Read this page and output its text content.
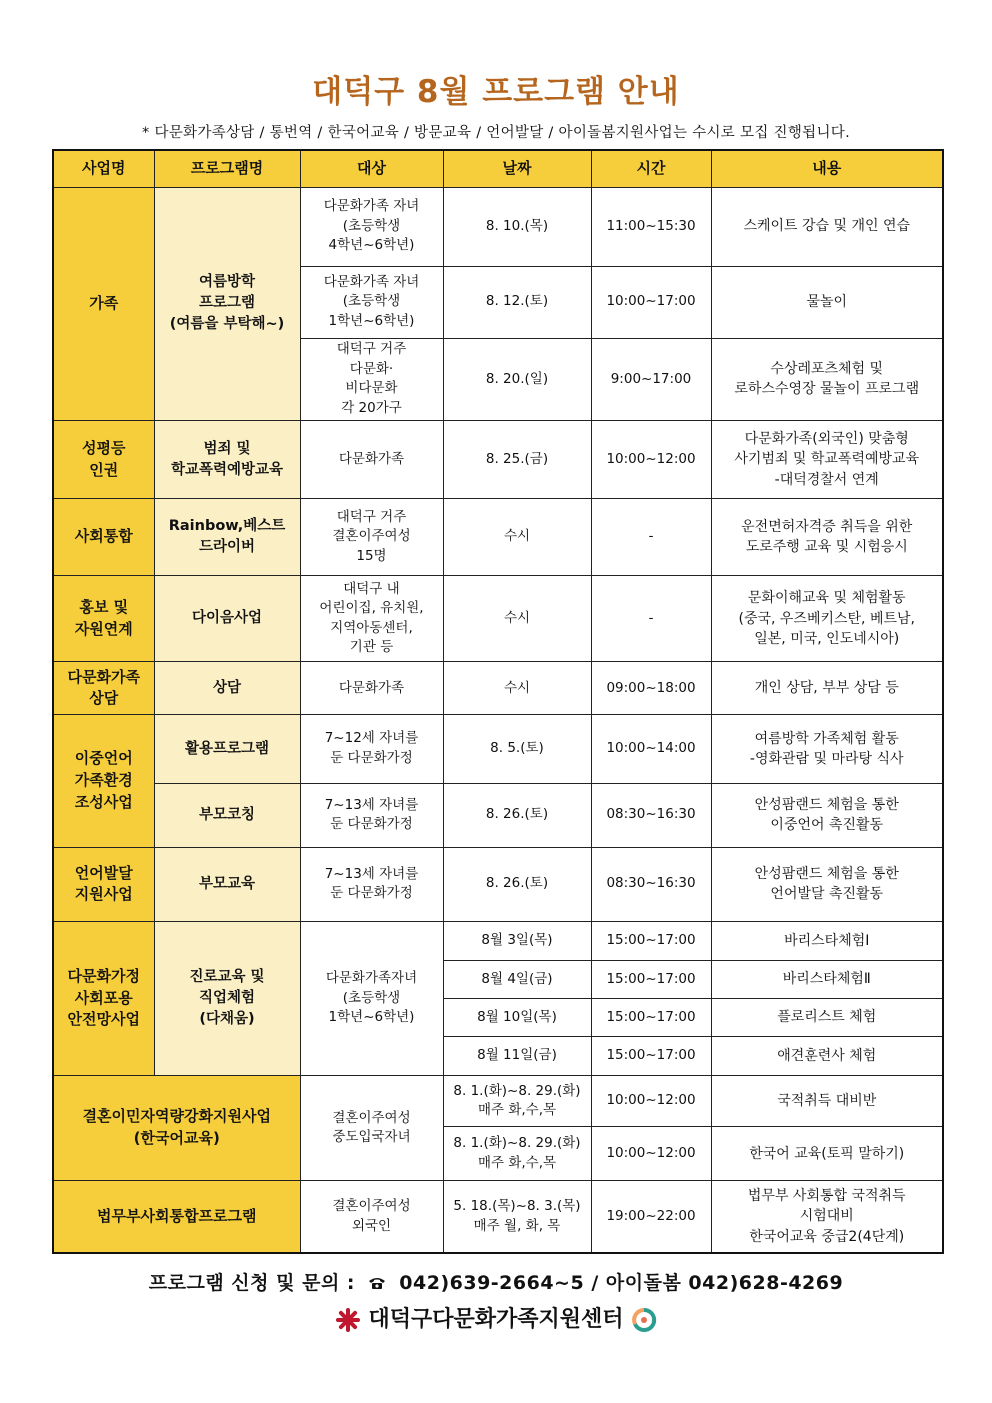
대덕구 8월 프로그램 안내
* 다문화가족상담 / 통번역 / 한국어교육 / 방문교육 / 언어발달 / 아이돌봄지원사업는 수시로 모집 진행됩니다.
사업명	프로그램명	대상	날짜	시간	내용
가족	여름방학
프로그램
(여름을 부탁해~)	다문화가족 자녀
(초등학생
4학년~6학년)	8. 10.(목)	11:00~15:30	스케이트 강습 및 개인 연습

		다문화가족 자녀
(초등학생
1학년~6학년)	8. 12.(토)	10:00~17:00	물놀이

		대덕구 거주
다문화·
비다문화
각 20가구	8. 20.(일)	9:00~17:00	수상레포츠체험 및
로하스수영장 물놀이 프로그램

성평등
인권	범죄 및
학교폭력예방교육	다문화가족	8. 25.(금)	10:00~12:00	다문화가족(외국인) 맞춤형
사기범죄 및 학교폭력예방교육
-대덕경찰서 연계

사회통합	Rainbow,베스트
드라이버	대덕구 거주
결혼이주여성
15명	수시	-	운전면허자격증 취득을 위한
도로주행 교육 및 시험응시

홍보 및
자원연계	다이음사업	대덕구 내
어린이집, 유치원,
지역아동센터,
기관 등	수시	-	문화이해교육 및 체험활동
(중국, 우즈베키스탄, 베트남,
일본, 미국, 인도네시아)

다문화가족
상담	상담	다문화가족	수시	09:00~18:00	개인 상담, 부부 상담 등

이중언어
가족환경
조성사업	활용프로그램	7~12세 자녀를
둔 다문화가정	8. 5.(토)	10:00~14:00	여름방학 가족체험 활동
-영화관람 및 마라탕 식사

	부모코칭	7~13세 자녀를
둔 다문화가정	8. 26.(토)	08:30~16:30	안성팜랜드 체험을 통한
이중언어 촉진활동

언어발달
지원사업	부모교육	7~13세 자녀를
둔 다문화가정	8. 26.(토)	08:30~16:30	안성팜랜드 체험을 통한
언어발달 촉진활동

다문화가정
사회포용
안전망사업	진로교육 및
직업체험
(다채움)	다문화가족자녀
(초등학생
1학년~6학년)	8월 3일(목)	15:00~17:00	바리스타체험Ⅰ
			8월 4일(금)	15:00~17:00	바리스타체험Ⅱ
			8월 10일(목)	15:00~17:00	플로리스트 체험
			8월 11일(금)	15:00~17:00	애견훈련사 체험

결혼이민자역량강화지원사업
(한국어교육)		결혼이주여성
중도입국자녀	8. 1.(화)~8. 29.(화)
매주 화,수,목	10:00~12:00	국적취득 대비반

			8. 1.(화)~8. 29.(화)
매주 화,수,목	10:00~12:00	한국어 교육(토픽 말하기)
법무부사회통합프로그램		결혼이주여성
외국인	5. 18.(목)~8. 3.(목)
매주 월, 화, 목	19:00~22:00	법무부 사회통합 국적취득
시험대비
한국어교육 중급2(4단계)
프로그램 신청 및 문의 : 042)639-2664~5 / 아이돌봄 042)628-4269
대덕구다문화가족지원센터
